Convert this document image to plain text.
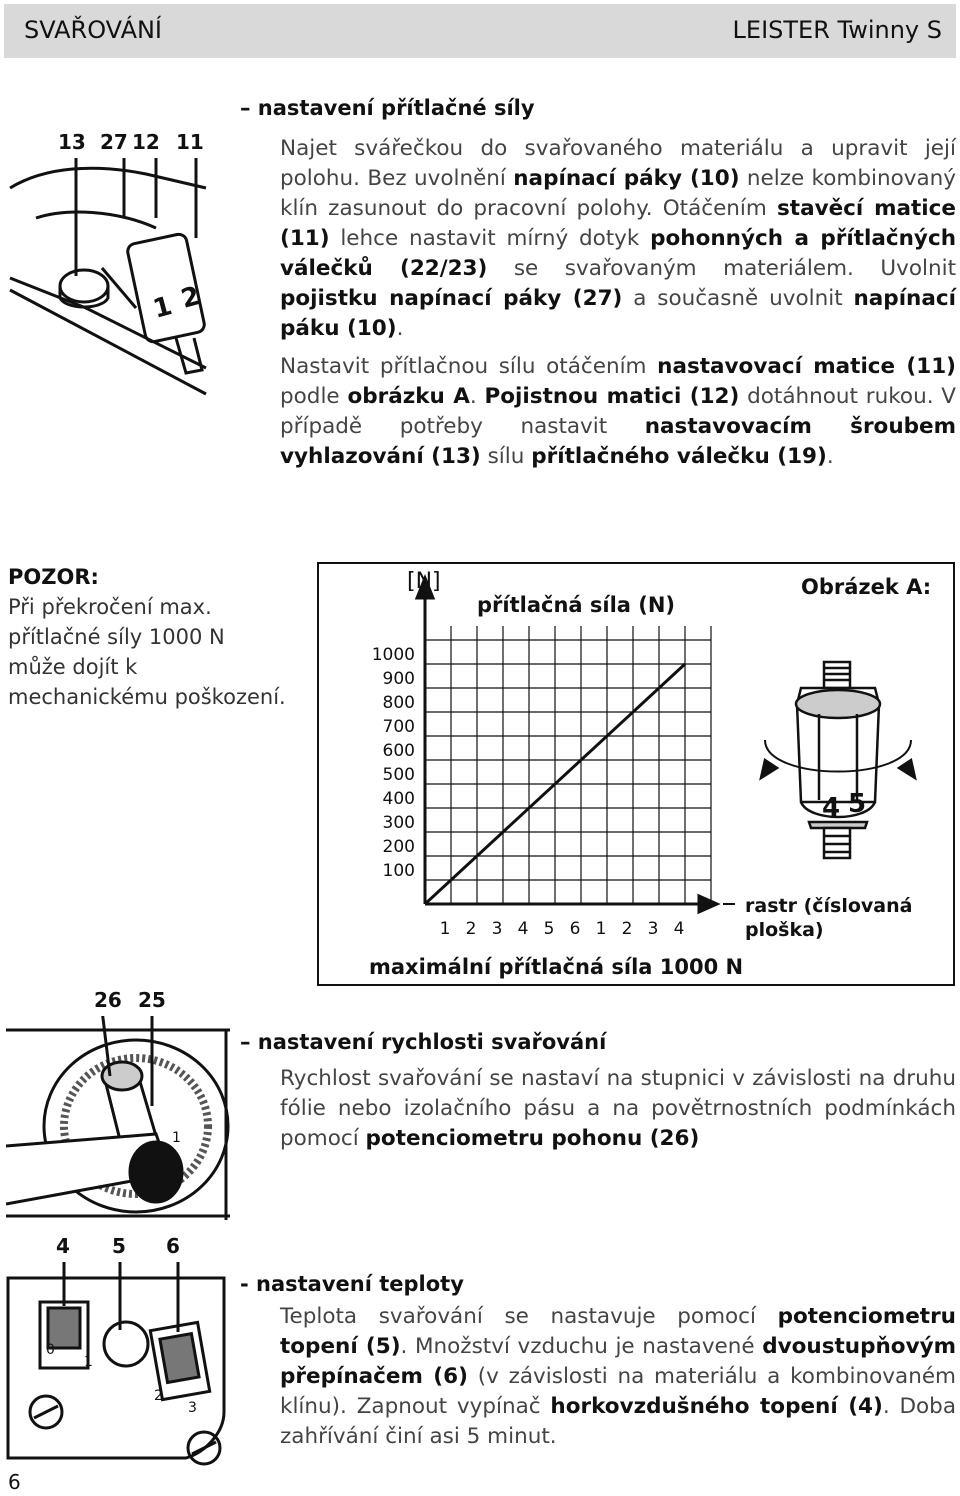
SVAŘOVÁNÍ	LEISTER Twinny S
13 27 12 11
1 2
– nastavení přítlačné síly
Najet svářečkou do svařovaného materiálu a upravit její polohu. Bez uvolnění napínací páky (10) nelze kombinovaný klín zasunout do pracovní polohy. Otáčením stavěcí matice (11) lehce nastavit mírný dotyk pohonných a přítlačných válečků (22/23) se svařovaným materiálem. Uvolnit pojistku napínací páky (27) a současně uvolnit napínací páku (10).
Nastavit přítlačnou sílu otáčením nastavovací matice (11) podle obrázku A. Pojistnou matici (12) dotáhnout rukou. V případě potřeby nastavit nastavovacím šroubem vyhlazování (13) sílu přítlačného válečku (19).
POZOR:
Při překročení max. přítlačné síly 1000 N může dojít k mechanickému poškození.
1000
900
800
700
600
500
400
300
200
100
1 2 3 4 5 6 1 2 3 4
[N]
přítlačná síla (N)
Obrázek A:
maximální přítlačná síla 1000 N
4 5
rastr (číslovaná ploška)
26 25
1
– nastavení rychlosti svařování
Rychlost svařování se nastaví na stupnici v závislosti na druhu fólie nebo izolačního pásu a na povětrnostních podmínkách pomocí potenciometru pohonu (26)
4 5 6
0
1
2
3
- nastavení teploty
Teplota svařování se nastavuje pomocí potenciometru topení (5). Množství vzduchu je nastavené dvoustupňovým přepínačem (6) (v závislosti na materiálu a kombinovaném klínu). Zapnout vypínač horkovzdušného topení (4). Doba zahřívání činí asi 5 minut.
6
